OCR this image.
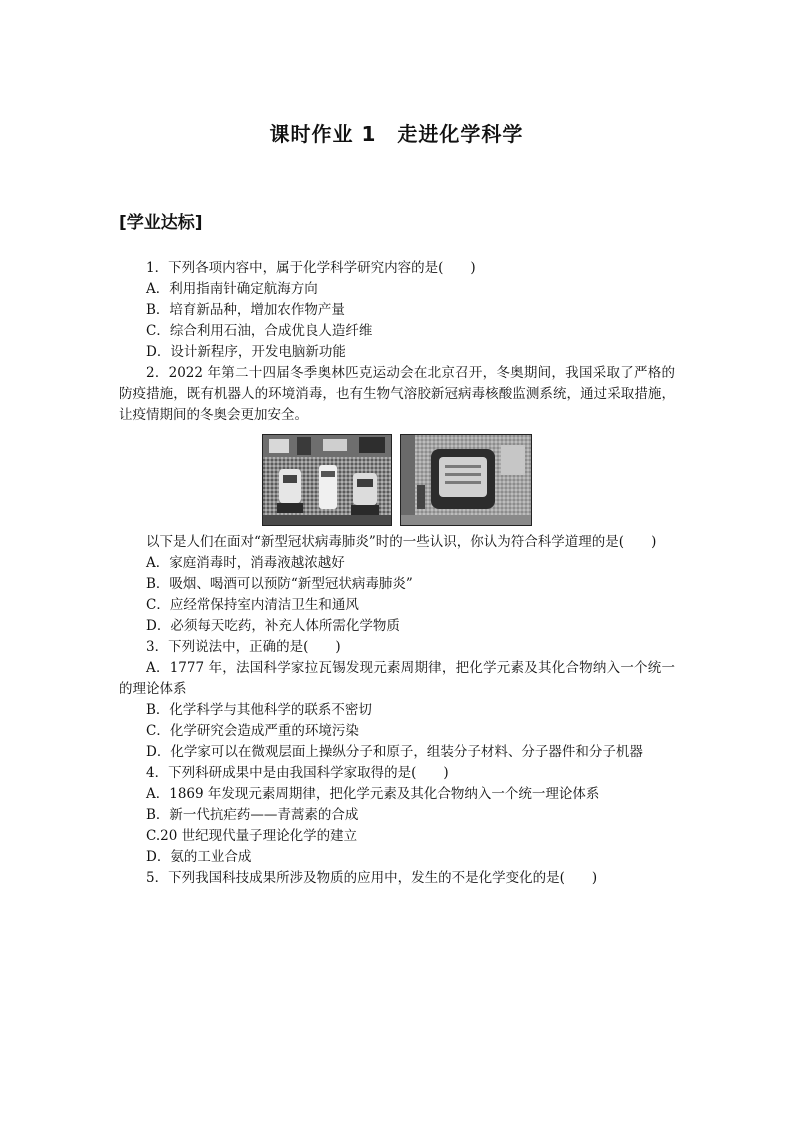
课时作业 1　走进化学科学
[学业达标]

1．下列各项内容中，属于化学科学研究内容的是(　　)

A．利用指南针确定航海方向

B．培育新品种，增加农作物产量

C．综合利用石油，合成优良人造纤维

D．设计新程序，开发电脑新功能

2．2022 年第二十四届冬季奥林匹克运动会在北京召开，冬奥期间，我国采取了严格的防疫措施，既有机器人的环境消毒，也有生物气溶胶新冠病毒核酸监测系统，通过采取措施，让疫情期间的冬奥会更加安全。

以下是人们在面对“新型冠状病毒肺炎”时的一些认识，你认为符合科学道理的是(　　)

A．家庭消毒时，消毒液越浓越好

B．吸烟、喝酒可以预防“新型冠状病毒肺炎”

C．应经常保持室内清洁卫生和通风

D．必须每天吃药，补充人体所需化学物质

3．下列说法中，正确的是(　　)

A．1777 年，法国科学家拉瓦锡发现元素周期律，把化学元素及其化合物纳入一个统一的理论体系

B．化学科学与其他科学的联系不密切

C．化学研究会造成严重的环境污染

D．化学家可以在微观层面上操纵分子和原子，组装分子材料、分子器件和分子机器

4．下列科研成果中是由我国科学家取得的是(　　)

A．1869 年发现元素周期律，把化学元素及其化合物纳入一个统一理论体系

B．新一代抗疟药——青蒿素的合成

C.20 世纪现代量子理论化学的建立

D．氨的工业合成

5．下列我国科技成果所涉及物质的应用中，发生的不是化学变化的是(　　)
